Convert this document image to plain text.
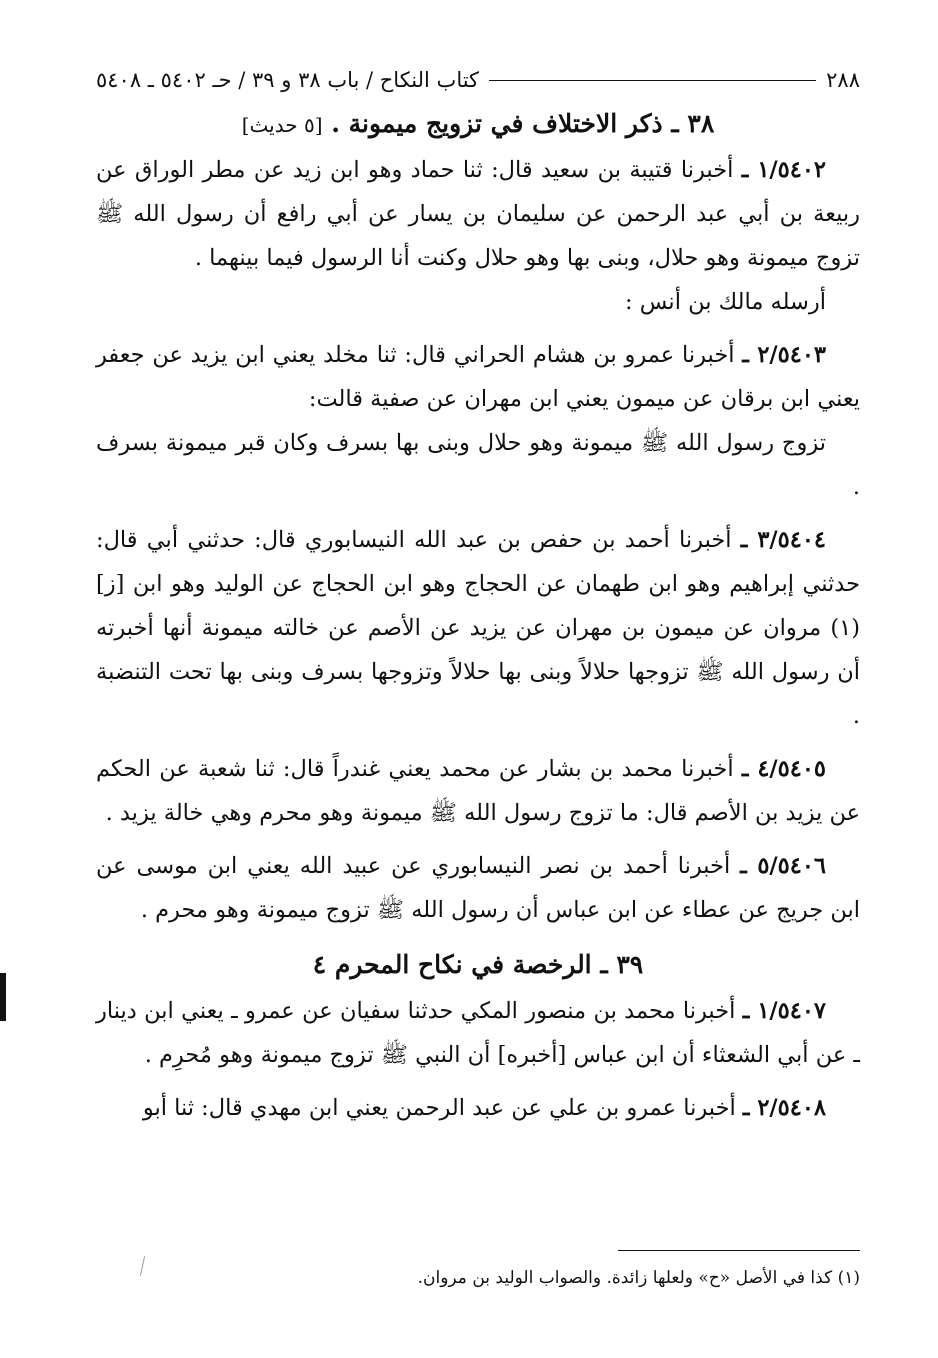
٢٨٨
كتاب النكاح / باب ٣٨ و ٣٩ / حـ ٥٤٠٢ ـ ٥٤٠٨
٣٨ ـ ذكر الاختلاف في تزويج ميمونة . [٥ حديث]

١/٥٤٠٢ ـ أخبرنا قتيبة بن سعيد قال: ثنا حماد وهو ابن زيد عن مطر الوراق عن ربيعة بن أبي عبد الرحمن عن سليمان بن يسار عن أبي رافع أن رسول الله ﷺ تزوج ميمونة وهو حلال، وبنى بها وهو حلال وكنت أنا الرسول فيما بينهما .

أرسله مالك بن أنس :

٢/٥٤٠٣ ـ أخبرنا عمرو بن هشام الحراني قال: ثنا مخلد يعني ابن يزيد عن جعفر يعني ابن برقان عن ميمون يعني ابن مهران عن صفية قالت:

تزوج رسول الله ﷺ ميمونة وهو حلال وبنى بها بسرف وكان قبر ميمونة بسرف .

٣/٥٤٠٤ ـ أخبرنا أحمد بن حفص بن عبد الله النيسابوري قال: حدثني أبي قال: حدثني إبراهيم وهو ابن طهمان عن الحجاج وهو ابن الحجاج عن الوليد وهو ابن [ز](١) مروان عن ميمون بن مهران عن يزيد عن الأصم عن خالته ميمونة أنها أخبرته أن رسول الله ﷺ تزوجها حلالاً وبنى بها حلالاً وتزوجها بسرف وبنى بها تحت التنضبة .

٤/٥٤٠٥ ـ أخبرنا محمد بن بشار عن محمد يعني غندراً قال: ثنا شعبة عن الحكم عن يزيد بن الأصم قال: ما تزوج رسول الله ﷺ ميمونة وهو محرم وهي خالة يزيد .

٥/٥٤٠٦ ـ أخبرنا أحمد بن نصر النيسابوري عن عبيد الله يعني ابن موسى عن ابن جريج عن عطاء عن ابن عباس أن رسول الله ﷺ تزوج ميمونة وهو محرم .

٣٩ ـ الرخصة في نكاح المحرم ٤

١/٥٤٠٧ ـ أخبرنا محمد بن منصور المكي حدثنا سفيان عن عمرو ـ يعني ابن دينار ـ عن أبي الشعثاء أن ابن عباس [أخبره] أن النبي ﷺ تزوج ميمونة وهو مُحرِم .

٢/٥٤٠٨ ـ أخبرنا عمرو بن علي عن عبد الرحمن يعني ابن مهدي قال: ثنا أبو

(١) كذا في الأصل «ح» ولعلها زائدة. والصواب الوليد بن مروان.
